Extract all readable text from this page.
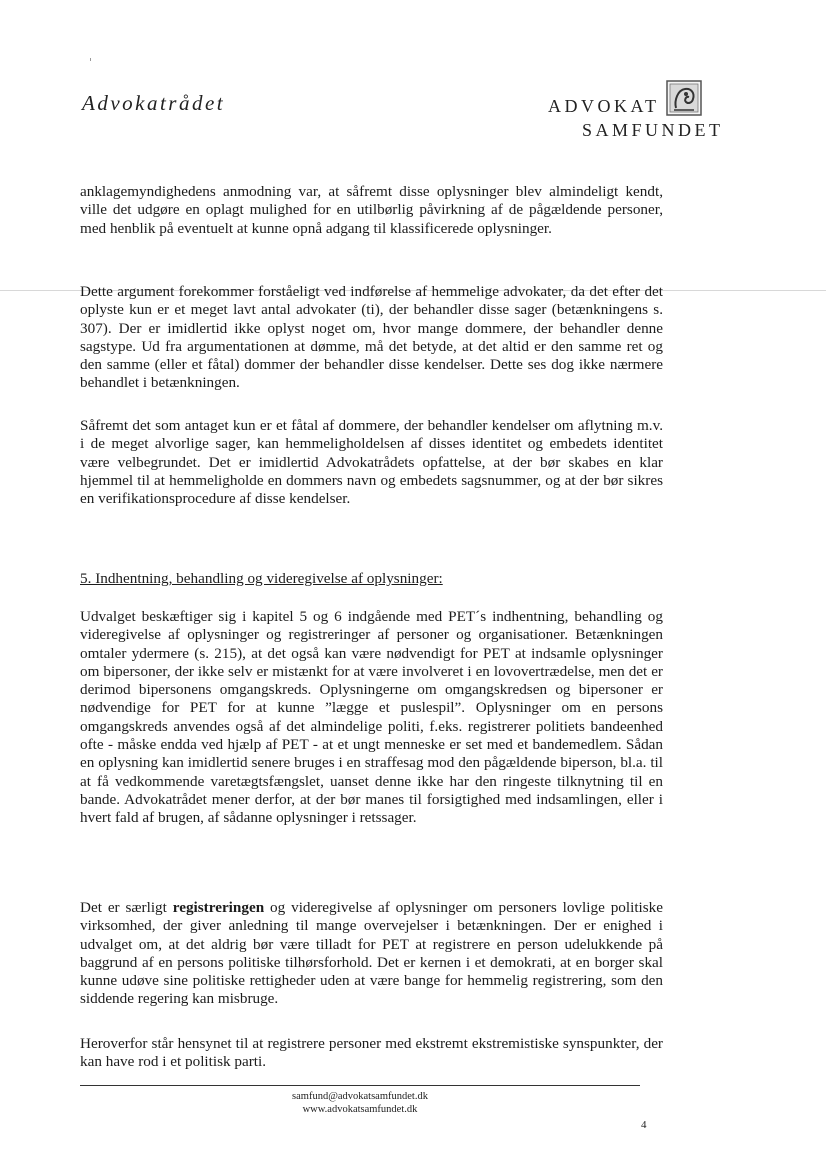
Advokatrådet	ADVOKAT
SAMFUNDET
anklagemyndighedens anmodning var, at såfremt disse oplysninger blev almindeligt kendt, ville det udgøre en oplagt mulighed for en utilbørlig påvirkning af de pågældende personer, med henblik på eventuelt at kunne opnå adgang til klassificerede oplysninger.
Dette argument forekommer forståeligt ved indførelse af hemmelige advokater, da det efter det oplyste kun er et meget lavt antal advokater (ti), der behandler disse sager (betænkningens s. 307). Der er imidlertid ikke oplyst noget om, hvor mange dommere, der behandler denne sagstype. Ud fra argumentationen at dømme, må det betyde, at det altid er den samme ret og den samme (eller et fåtal) dommer der behandler disse kendelser. Dette ses dog ikke nærmere behandlet i betænkningen.
Såfremt det som antaget kun er et fåtal af dommere, der behandler kendelser om aflytning m.v. i de meget alvorlige sager, kan hemmeligholdelsen af disses identitet og embedets identitet være velbegrundet. Det er imidlertid Advokatrådets opfattelse, at der bør skabes en klar hjemmel til at hemmeligholde en dommers navn og embedets sagsnummer, og at der bør sikres en verifikationsprocedure af disse kendelser.
5. Indhentning, behandling og videregivelse af oplysninger:
Udvalget beskæftiger sig i kapitel 5 og 6 indgående med PET´s indhentning, behandling og videregivelse af oplysninger og registreringer af personer og organisationer. Betænkningen omtaler ydermere (s. 215), at det også kan være nødvendigt for PET at indsamle oplysninger om bipersoner, der ikke selv er mistænkt for at være involveret i en lovovertrædelse, men det er derimod bipersonens omgangskreds. Oplysningerne om omgangskredsen og bipersoner er nødvendige for PET for at kunne ”lægge et puslespil”. Oplysninger om en persons omgangskreds anvendes også af det almindelige politi, f.eks. registrerer politiets bandeenhed ofte - måske endda ved hjælp af PET - at et ungt menneske er set med et bandemedlem. Sådan en oplysning kan imidlertid senere bruges i en straffesag mod den pågældende biperson, bl.a. til at få vedkommende varetægtsfængslet, uanset denne ikke har den ringeste tilknytning til en bande. Advokatrådet mener derfor, at der bør manes til forsigtighed med indsamlingen, eller i hvert fald af brugen, af sådanne oplysninger i retssager.
Det er særligt registreringen og videregivelse af oplysninger om personers lovlige politiske virksomhed, der giver anledning til mange overvejelser i betænkningen. Der er enighed i udvalget om, at det aldrig bør være tilladt for PET at registrere en person udelukkende på baggrund af en persons politiske tilhørsforhold. Det er kernen i et demokrati, at en borger skal kunne udøve sine politiske rettigheder uden at være bange for hemmelig registrering, som den siddende regering kan misbruge.
Heroverfor står hensynet til at registrere personer med ekstremt ekstremistiske synspunkter, der kan have rod i et politisk parti.
samfund@advokatsamfundet.dk
www.advokatsamfundet.dk
4
